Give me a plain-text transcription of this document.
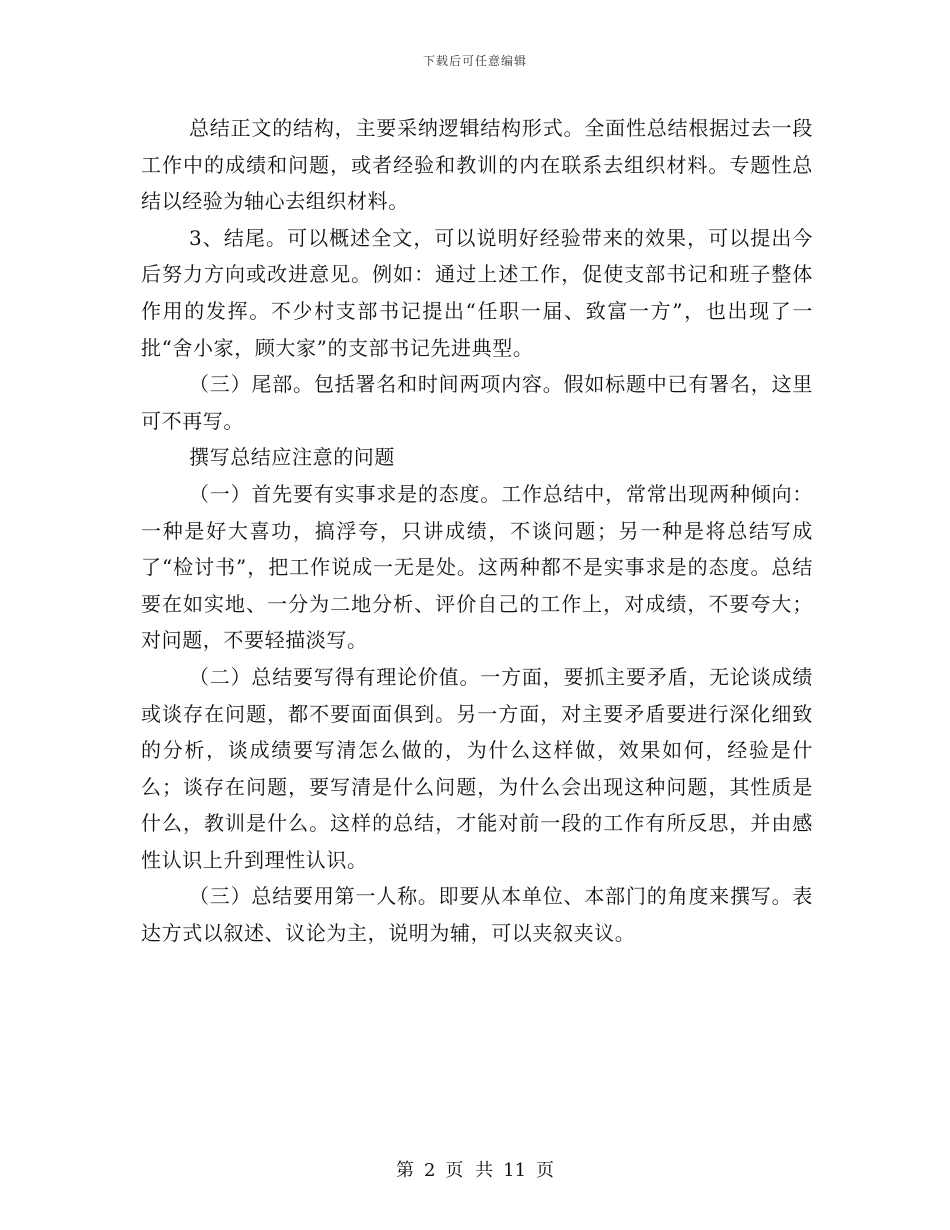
下载后可任意编辑

总结正文的结构，主要采纳逻辑结构形式。全面性总结根据过去一段工作中的成绩和问题，或者经验和教训的内在联系去组织材料。专题性总结以经验为轴心去组织材料。

3、结尾。可以概述全文，可以说明好经验带来的效果，可以提出今后努力方向或改进意见。例如：通过上述工作，促使支部书记和班子整体作用的发挥。不少村支部书记提出“任职一届、致富一方”，也出现了一批“舍小家，顾大家”的支部书记先进典型。

（三）尾部。包括署名和时间两项内容。假如标题中已有署名，这里可不再写。

撰写总结应注意的问题

（一）首先要有实事求是的态度。工作总结中，常常出现两种倾向：一种是好大喜功，搞浮夸，只讲成绩，不谈问题；另一种是将总结写成了“检讨书”，把工作说成一无是处。这两种都不是实事求是的态度。总结要在如实地、一分为二地分析、评价自己的工作上，对成绩，不要夸大；对问题，不要轻描淡写。

（二）总结要写得有理论价值。一方面，要抓主要矛盾，无论谈成绩或谈存在问题，都不要面面俱到。另一方面，对主要矛盾要进行深化细致的分析，谈成绩要写清怎么做的，为什么这样做，效果如何，经验是什么；谈存在问题，要写清是什么问题，为什么会出现这种问题，其性质是什么，教训是什么。这样的总结，才能对前一段的工作有所反思，并由感性认识上升到理性认识。

（三）总结要用第一人称。即要从本单位、本部门的角度来撰写。表达方式以叙述、议论为主，说明为辅，可以夹叙夹议。

第 2 页 共 11 页
